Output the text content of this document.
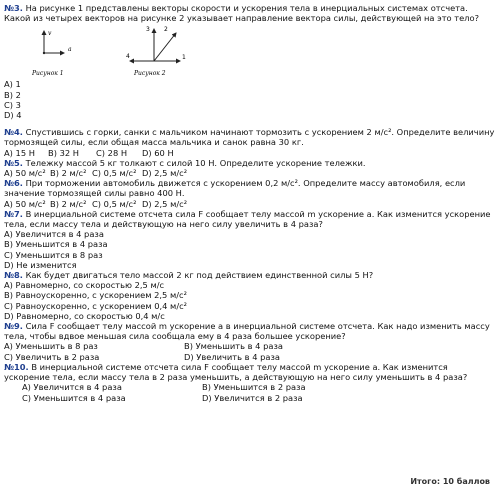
№3. На рисунке 1 представлены векторы скорости и ускорения тела в инерциальных системах отсчета. Какой из четырех векторов на рисунке 2 указывает направление вектора силы, действующей на это тело?

v
a
Рисунок 1
3 2
1
4
Рисунок 2
А) 1
В) 2
С) 3
D) 4

№4. Спустившись с горки, санки с мальчиком начинают тормозить с ускорением 2 м/с². Определите величину тормозящей силы, если общая масса мальчика и санок равна 30 кг.

А) 15 Н	В) 32 Н	С) 28 Н	D) 60 Н

№5. Тележку массой 5 кг толкают с силой 10 Н. Определите ускорение тележки.

А) 50 м/с² В) 2 м/с² С) 0,5 м/с² D) 2,5 м/с²

№6. При торможении автомобиль движется с ускорением 0,2 м/с². Определите массу автомобиля, если значение тормозящей силы равно 400 Н.

А) 50 м/с² В) 2 м/с² С) 0,5 м/с² D) 2,5 м/с²

№7. В инерциальной системе отсчета сила F сообщает телу массой m ускорение a. Как изменится ускорение тела, если массу тела и действующую на него силу увеличить в 4 раза?

А) Увеличится в 4 раза
В) Уменьшится в 4 раза
С) Уменьшится в 8 раз
D) Не изменится

№8. Как будет двигаться тело массой 2 кг под действием единственной силы 5 Н?

А) Равномерно, со скоростью 2,5 м/с
В) Равноускоренно, с ускорением 2,5 м/с²
С) Равноускоренно, с ускорением 0,4 м/с²
D) Равномерно, со скоростью 0,4 м/с

№9. Сила F сообщает телу массой m ускорение a в инерциальной системе отсчета. Как надо изменить массу тела, чтобы вдвое меньшая сила сообщала ему в 4 раза большее ускорение?

А) Уменьшить в 8 раз	В) Уменьшить в 4 раза
С) Увеличить в 2 раза	D) Увеличить в 4 раза

№10. В инерциальной системе отсчета сила F сообщает телу массой m ускорение a. Как изменится ускорение тела, если массу тела в 2 раза уменьшить, а действующую на него силу уменьшить в 4 раза?

А) Увеличится в 4 раза	В) Уменьшится в 2 раза
С) Уменьшится в 4 раза	D) Увеличится в 2 раза
Итого: 10 баллов
